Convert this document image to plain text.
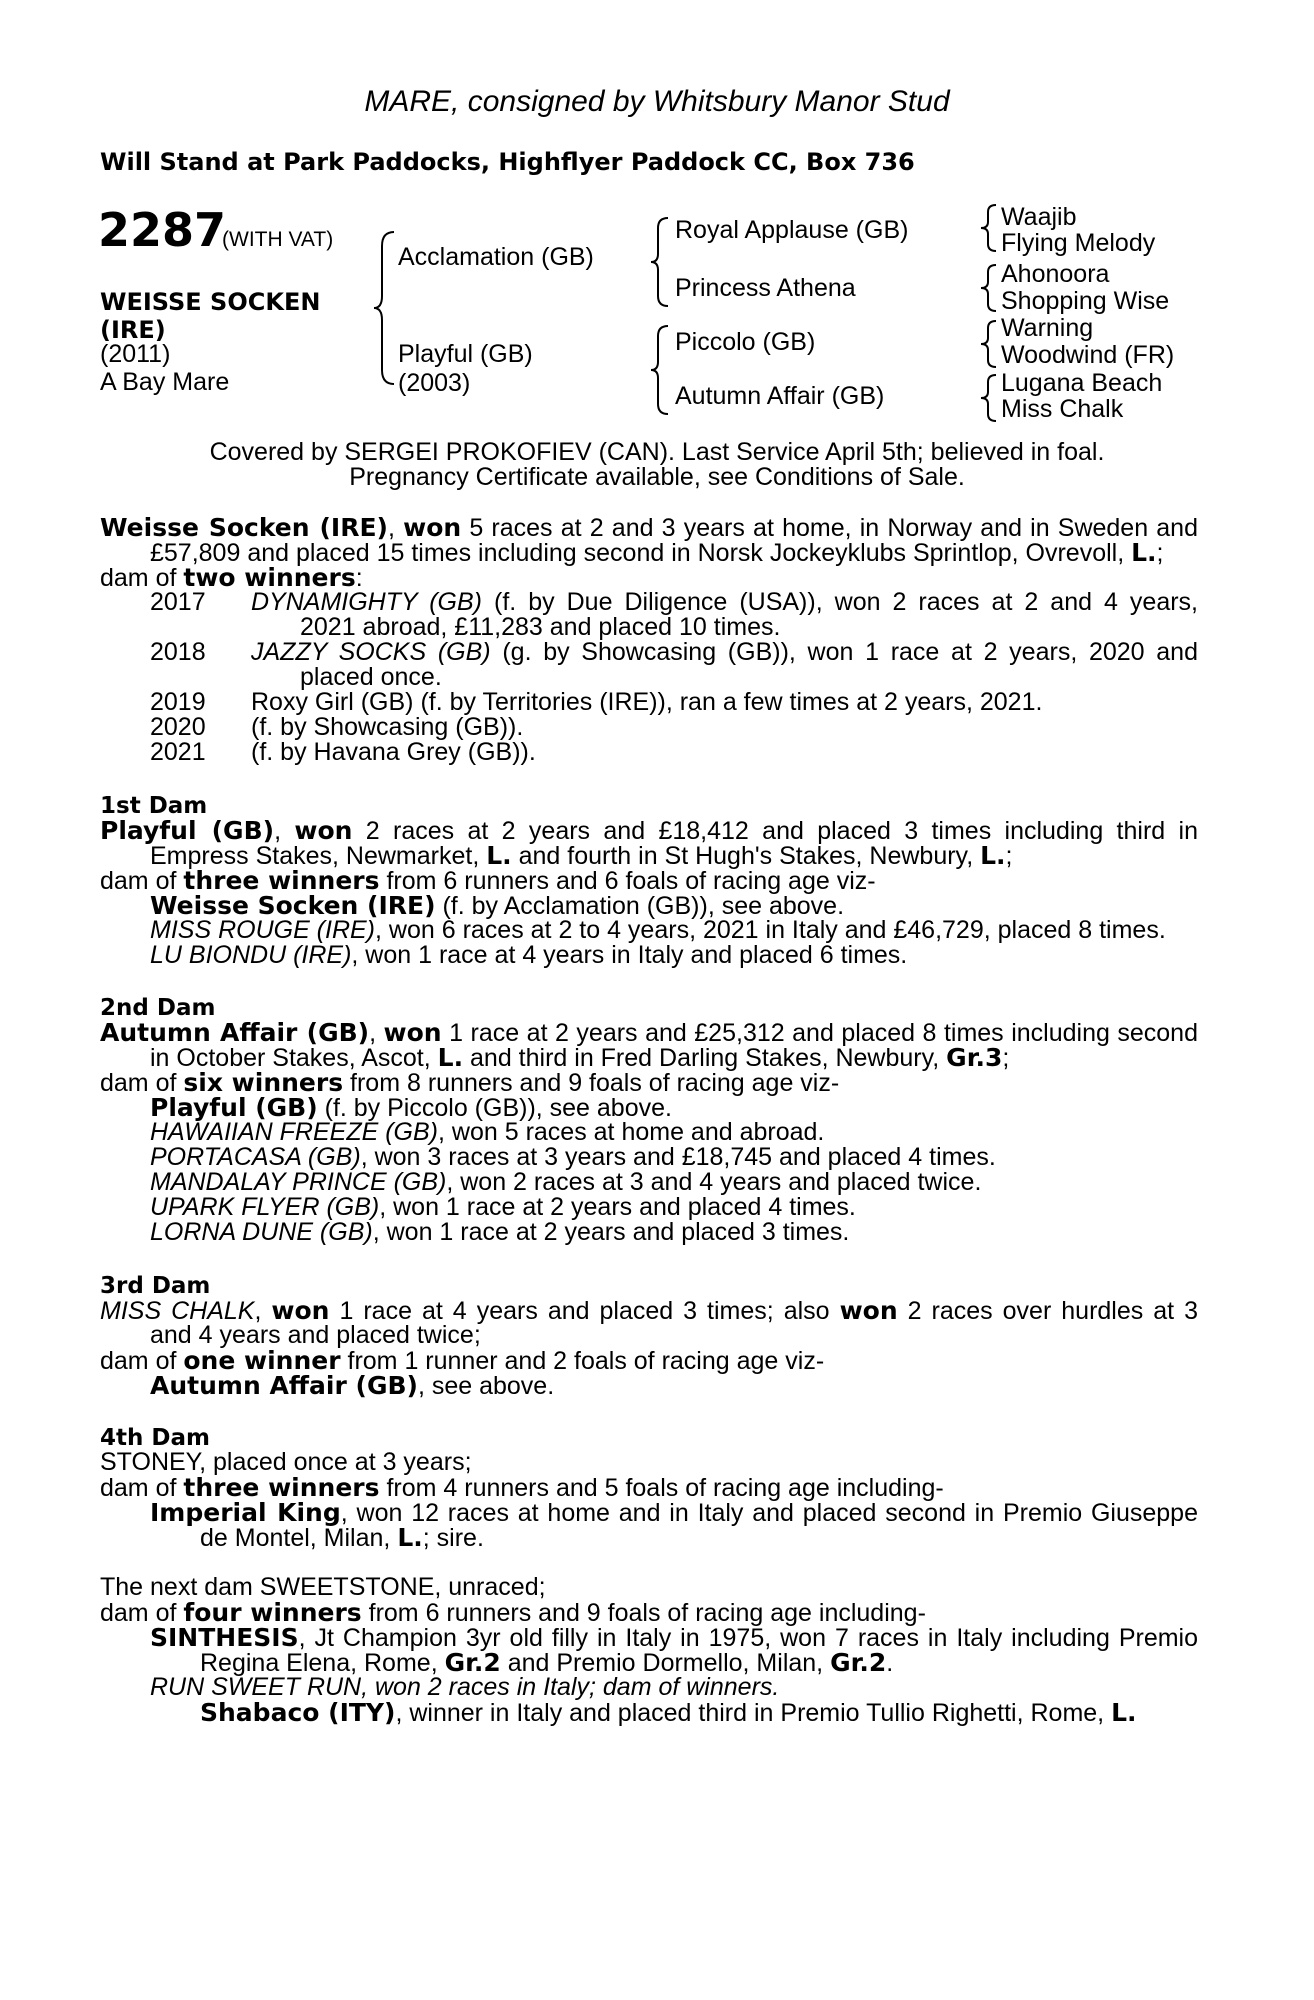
MARE, consigned by Whitsbury Manor Stud
Will Stand at Park Paddocks, Highflyer Paddock CC, Box 736
2287
(WITH VAT)
WEISSE SOCKEN
(IRE)
(2011)
A Bay Mare
Acclamation (GB)
Playful (GB)
(2003)
Royal Applause (GB)
Princess Athena
Piccolo (GB)
Autumn Affair (GB)
Waajib
Flying Melody
Ahonoora
Shopping Wise
Warning
Woodwind (FR)
Lugana Beach
Miss Chalk
Covered by SERGEI PROKOFIEV (CAN). Last Service April 5th; believed in foal.
Pregnancy Certificate available, see Conditions of Sale.
Weisse Socken (IRE), won 5 races at 2 and 3 years at home, in Norway and in Sweden and
£57,809 and placed 15 times including second in Norsk Jockeyklubs Sprintlop, Ovrevoll, L.;
dam of two winners:
2017 DYNAMIGHTY (GB) (f. by Due Diligence (USA)), won 2 races at 2 and 4 years,
2021 abroad, £11,283 and placed 10 times.
2018 JAZZY SOCKS (GB) (g. by Showcasing (GB)), won 1 race at 2 years, 2020 and
placed once.
2019 Roxy Girl (GB) (f. by Territories (IRE)), ran a few times at 2 years, 2021.
2020 (f. by Showcasing (GB)).
2021 (f. by Havana Grey (GB)).
1st Dam
Playful (GB), won 2 races at 2 years and £18,412 and placed 3 times including third in
Empress Stakes, Newmarket, L. and fourth in St Hugh's Stakes, Newbury, L.;
dam of three winners from 6 runners and 6 foals of racing age viz-
Weisse Socken (IRE) (f. by Acclamation (GB)), see above.
MISS ROUGE (IRE), won 6 races at 2 to 4 years, 2021 in Italy and £46,729, placed 8 times.
LU BIONDU (IRE), won 1 race at 4 years in Italy and placed 6 times.
2nd Dam
Autumn Affair (GB), won 1 race at 2 years and £25,312 and placed 8 times including second
in October Stakes, Ascot, L. and third in Fred Darling Stakes, Newbury, Gr.3;
dam of six winners from 8 runners and 9 foals of racing age viz-
Playful (GB) (f. by Piccolo (GB)), see above.
HAWAIIAN FREEZE (GB), won 5 races at home and abroad.
PORTACASA (GB), won 3 races at 3 years and £18,745 and placed 4 times.
MANDALAY PRINCE (GB), won 2 races at 3 and 4 years and placed twice.
UPARK FLYER (GB), won 1 race at 2 years and placed 4 times.
LORNA DUNE (GB), won 1 race at 2 years and placed 3 times.
3rd Dam
MISS CHALK, won 1 race at 4 years and placed 3 times; also won 2 races over hurdles at 3
and 4 years and placed twice;
dam of one winner from 1 runner and 2 foals of racing age viz-
Autumn Affair (GB), see above.
4th Dam
STONEY, placed once at 3 years;
dam of three winners from 4 runners and 5 foals of racing age including-
Imperial King, won 12 races at home and in Italy and placed second in Premio Giuseppe
de Montel, Milan, L.; sire.
The next dam SWEETSTONE, unraced;
dam of four winners from 6 runners and 9 foals of racing age including-
SINTHESIS, Jt Champion 3yr old filly in Italy in 1975, won 7 races in Italy including Premio
Regina Elena, Rome, Gr.2 and Premio Dormello, Milan, Gr.2.
RUN SWEET RUN, won 2 races in Italy; dam of winners.
Shabaco (ITY), winner in Italy and placed third in Premio Tullio Righetti, Rome, L.
